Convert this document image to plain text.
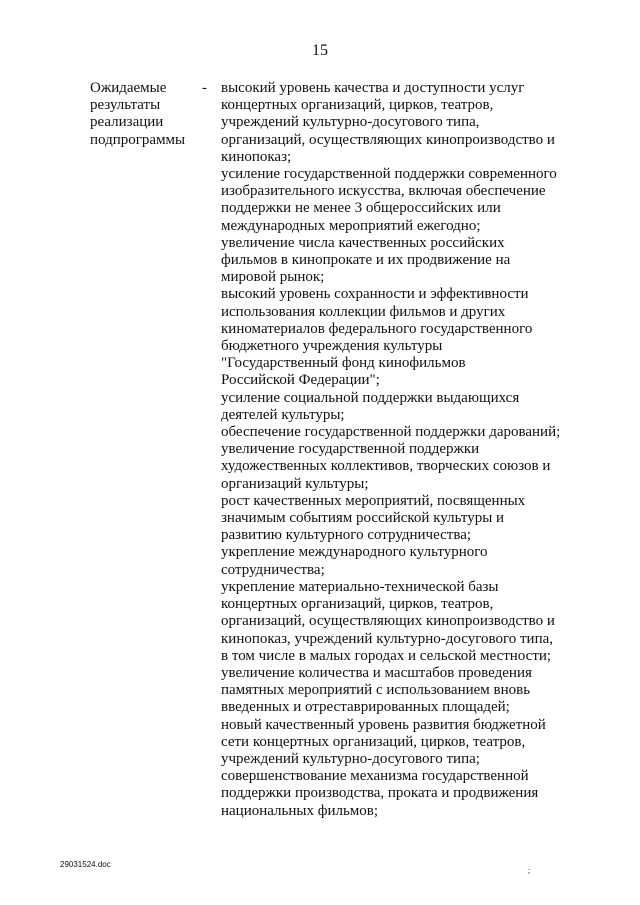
15
Ожидаемые
результаты
реализации
подпрограммы
- высокий уровень качества и доступности услуг
концертных организаций, цирков, театров,
учреждений культурно-досугового типа,
организаций, осуществляющих кинопроизводство и
кинопоказ;
усиление государственной поддержки современного
изобразительного искусства, включая обеспечение
поддержки не менее 3 общероссийских или
международных мероприятий ежегодно;
увеличение числа качественных российских
фильмов в кинопрокате и их продвижение на
мировой рынок;
высокий уровень сохранности и эффективности
использования коллекции фильмов и других
киноматериалов федерального государственного
бюджетного учреждения культуры
"Государственный фонд кинофильмов
Российской Федерации";
усиление социальной поддержки выдающихся
деятелей культуры;
обеспечение государственной поддержки дарований;
увеличение государственной поддержки
художественных коллективов, творческих союзов и
организаций культуры;
рост качественных мероприятий, посвященных
значимым событиям российской культуры и
развитию культурного сотрудничества;
укрепление международного культурного
сотрудничества;
укрепление материально-технической базы
концертных организаций, цирков, театров,
организаций, осуществляющих кинопроизводство и
кинопоказ, учреждений культурно-досугового типа,
в том числе в малых городах и сельской местности;
увеличение количества и масштабов проведения
памятных мероприятий с использованием вновь
введенных и отреставрированных площадей;
новый качественный уровень развития бюджетной
сети концертных организаций, цирков, театров,
учреждений культурно-досугового типа;
совершенствование механизма государственной
поддержки производства, проката и продвижения
национальных фильмов;
29031524.doc
;
